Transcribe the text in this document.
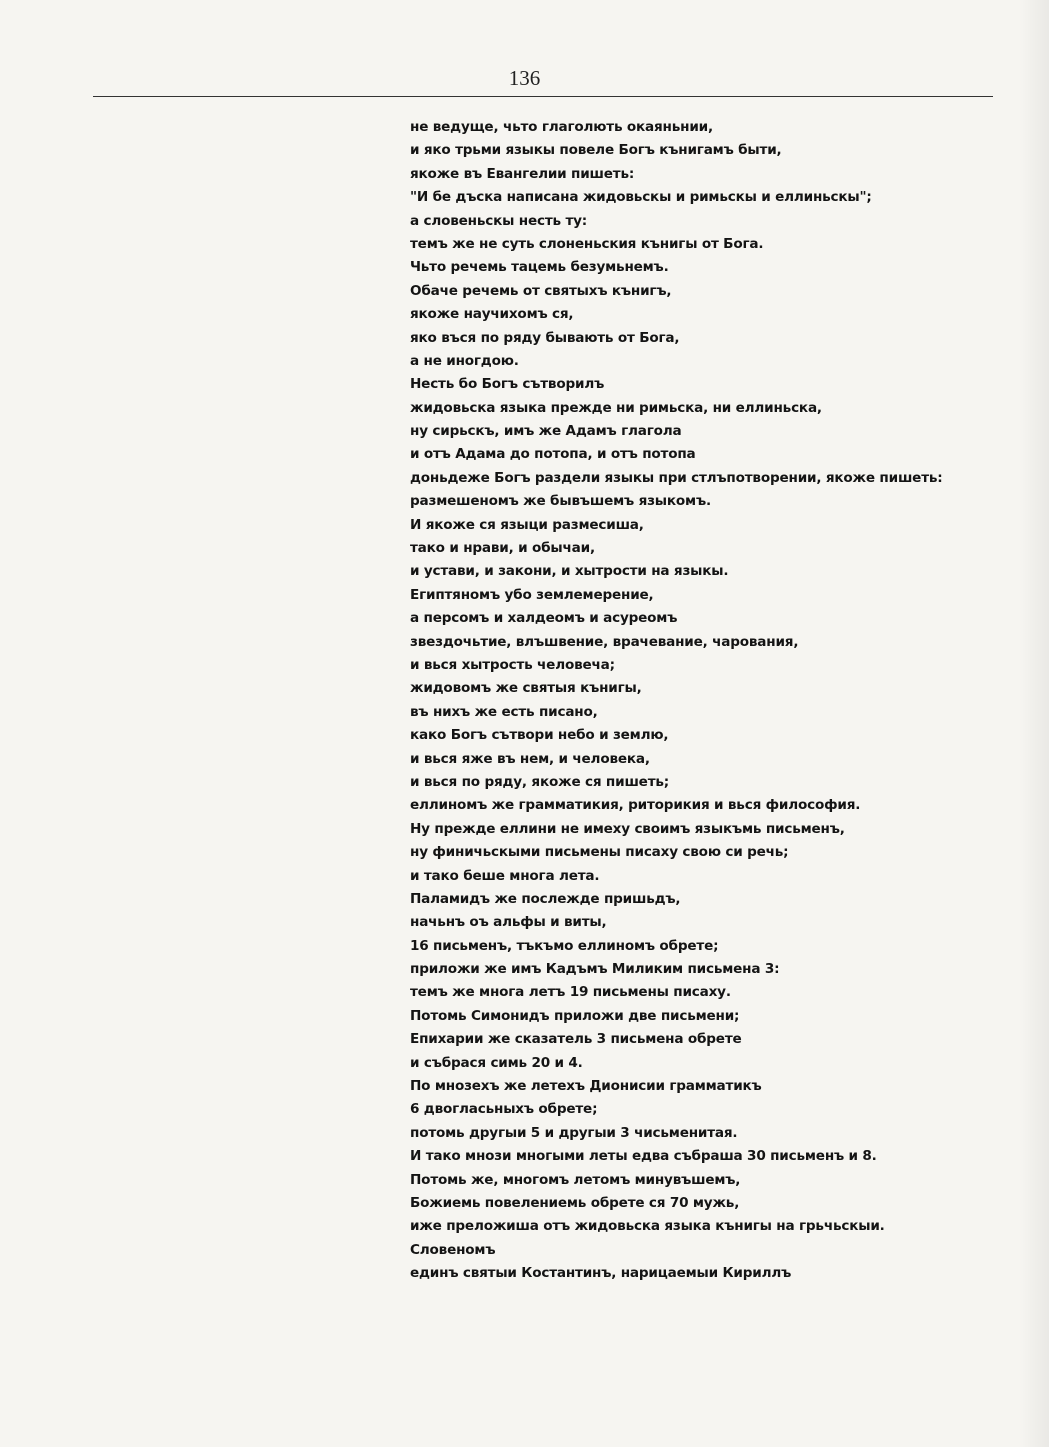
136
не ведуще, чьто глаголють окаяньнии,
и яко трьми языкы повеле Богъ кънигамъ быти,
якоже въ Евангелии пишеть:
"И бе дъска написана жидовьскы и римьскы и еллиньскы";
а словеньскы несть ту:
темъ же не суть слоненьския кънигы от Бога.
Чьто речемь тацемь безумьнемъ.
Обаче речемь от святыхъ кънигъ,
якоже научихомъ ся,
яко въся по ряду бывають от Бога,
а не иногдою.
Несть бо Богъ сътворилъ
жидовьска языка прежде ни римьска, ни еллиньска,
ну сирьскъ, имъ же Адамъ глагола
и отъ Адама до потопа, и отъ потопа
доньдеже Богъ раздели языкы при стлъпотворении, якоже пишеть:
размешеномъ же бывъшемъ языкомъ.
И якоже ся языци размесиша,
тако и нрави, и обычаи,
и устави, и закони, и хытрости на языкы.
Египтяномъ убо землемерение,
а персомъ и халдеомъ и асуреомъ
звездочьтие, влъшвение, врачевание, чарования,
и вься хытрость человеча;
жидовомъ же святыя кънигы,
въ нихъ же есть писано,
како Богъ сътвори небо и землю,
и вься яже въ нем, и человека,
и вься по ряду, якоже ся пишеть;
еллиномъ же грамматикия, риторикия и вься философия.
Ну прежде еллини не имеху своимъ языкъмь письменъ,
ну финичьскыми письмены писаху свою си речь;
и тако беше многа лета.
Паламидъ же послежде пришьдъ,
начьнъ оъ альфы и виты,
16 письменъ, тъкъмо еллиномъ обрете;
приложи же имъ Кадъмъ Миликим письмена 3:
темъ же многа летъ 19 письмены писаху.
Потомь Симонидъ приложи две письмени;
Епихарии же сказатель 3 письмена обрете
и събрася симь 20 и 4.
По мнозехъ же летехъ Дионисии грамматикъ
6 двогласьныхъ обрете;
потомь другыи 5 и другыи 3 чисьменитая.
И тако мнози многыми леты едва събраша 30 письменъ и 8.
Потомь же, многомъ летомъ минувъшемъ,
Божиемь повелениемь обрете ся 70 мужь,
иже преложиша отъ жидовьска языка кънигы на грьчьскыи.
Словеномъ
единъ святыи Костантинъ, нарицаемыи Кириллъ
